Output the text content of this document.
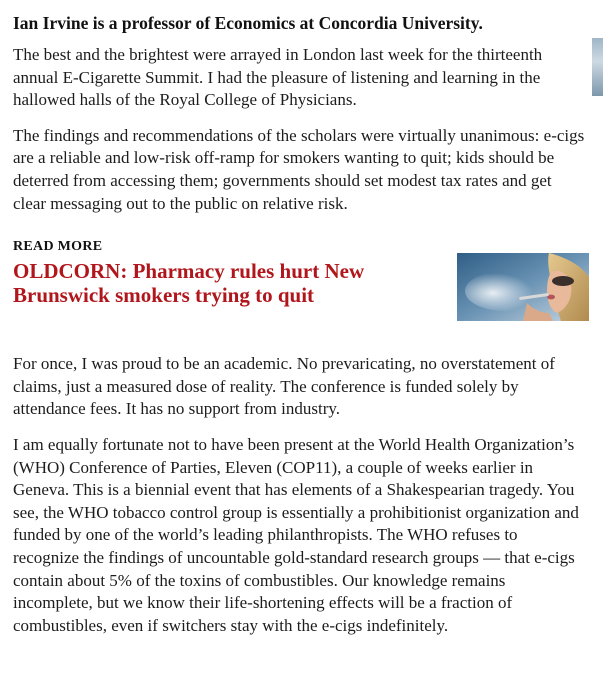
Ian Irvine is a professor of Economics at Concordia University.

The best and the brightest were arrayed in London last week for the thirteenth annual E-Cigarette Summit. I had the pleasure of listening and learning in the hallowed halls of the Royal College of Physicians.

The findings and recommendations of the scholars were virtually unanimous: e-cigs are a reliable and low-risk off-ramp for smokers wanting to quit; kids should be deterred from accessing them; governments should set modest tax rates and get clear messaging out to the public on relative risk.

READ MORE
OLDCORN: Pharmacy rules hurt New Brunswick smokers trying to quit

For once, I was proud to be an academic. No prevaricating, no overstatement of claims, just a measured dose of reality. The conference is funded solely by attendance fees. It has no support from industry.

I am equally fortunate not to have been present at the World Health Organization’s (WHO) Conference of Parties, Eleven (COP11), a couple of weeks earlier in Geneva. This is a biennial event that has elements of a Shakespearian tragedy. You see, the WHO tobacco control group is essentially a prohibitionist organization and funded by one of the world’s leading philanthropists. The WHO refuses to recognize the findings of uncountable gold-standard research groups — that e-cigs contain about 5% of the toxins of combustibles. Our knowledge remains incomplete, but we know their life-shortening effects will be a fraction of combustibles, even if switchers stay with the e-cigs indefinitely.
